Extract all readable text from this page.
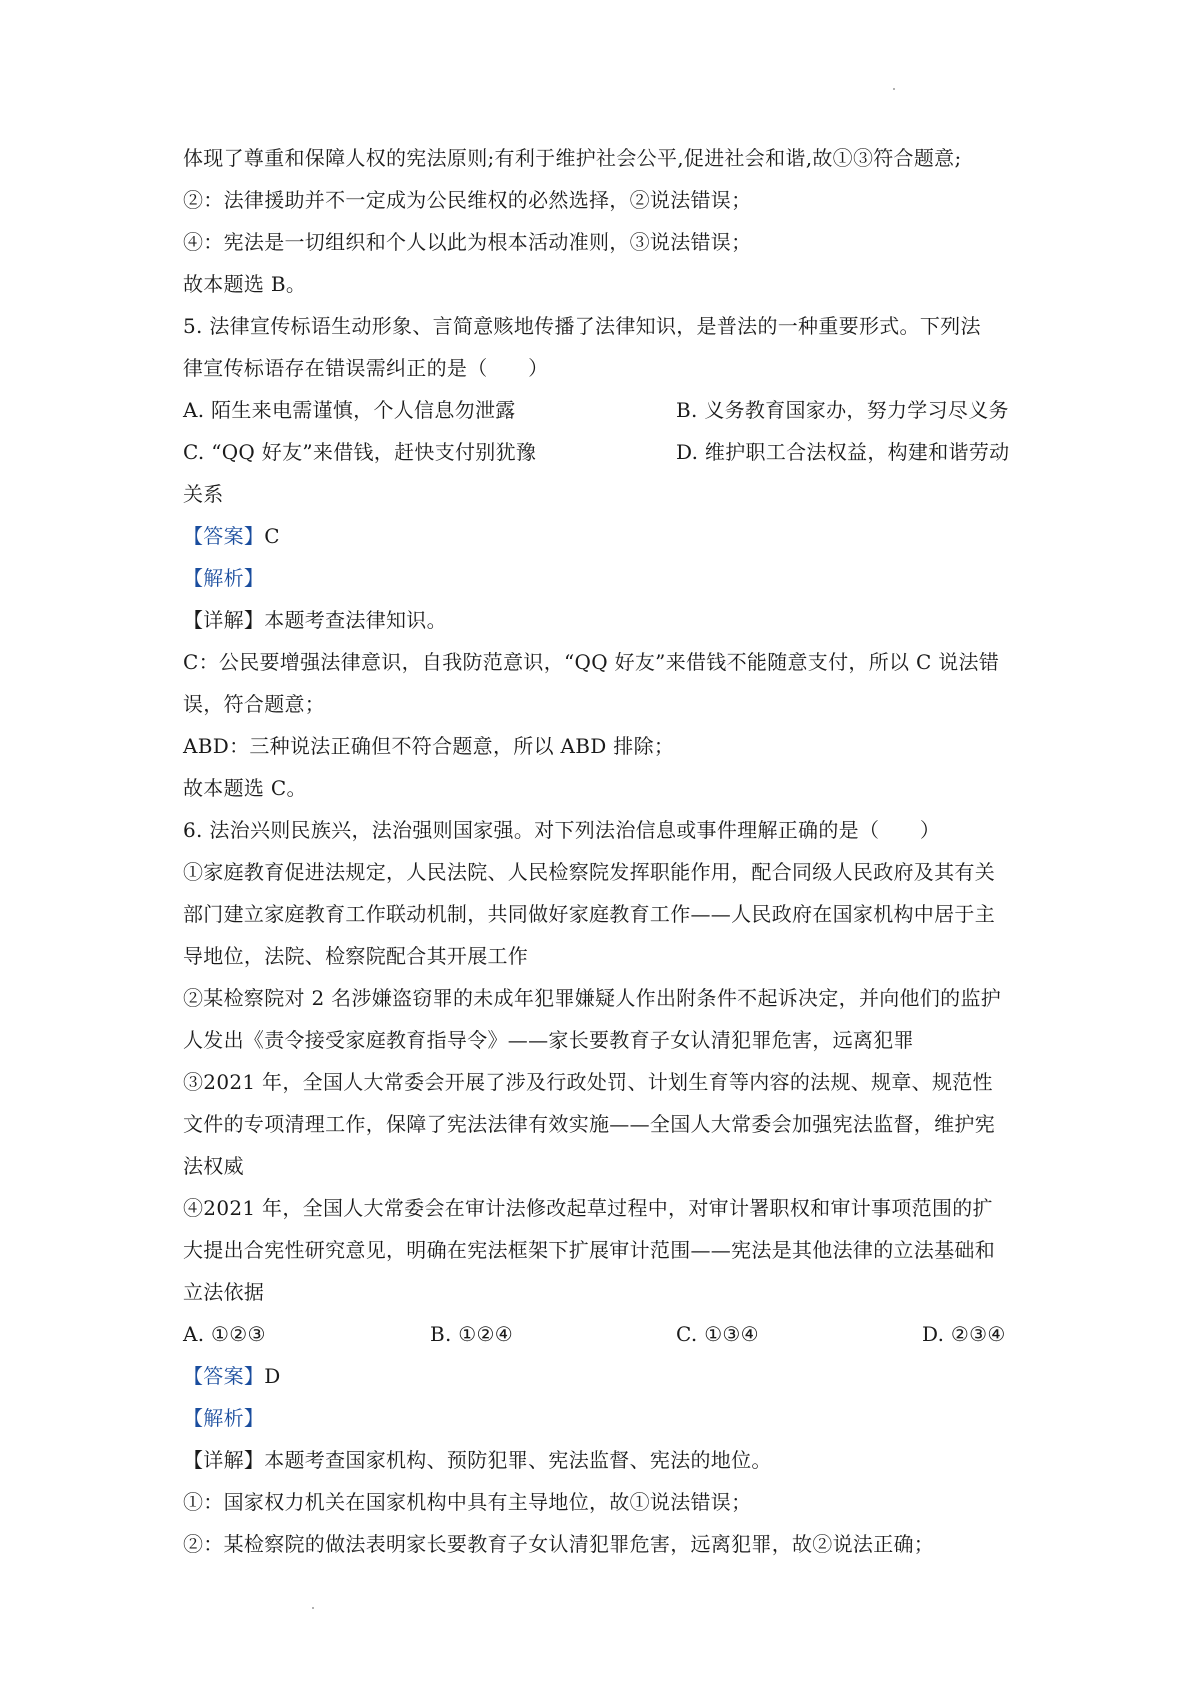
体现了尊重和保障人权的宪法原则;有利于维护社会公平,促进社会和谐,故①③符合题意;
②：法律援助并不一定成为公民维权的必然选择，②说法错误；
④：宪法是一切组织和个人以此为根本活动准则，③说法错误；
故本题选 B。
5. 法律宣传标语生动形象、言简意赅地传播了法律知识，是普法的一种重要形式。下列法
律宣传标语存在错误需纠正的是（　　）
A. 陌生来电需谨慎，个人信息勿泄露	B. 义务教育国家办，努力学习尽义务
C. “QQ 好友”来借钱，赶快支付别犹豫	D. 维护职工合法权益，构建和谐劳动
关系
【答案】C
【解析】
【详解】本题考查法律知识。
C：公民要增强法律意识，自我防范意识，“QQ 好友”来借钱不能随意支付，所以 C 说法错
误，符合题意；
ABD：三种说法正确但不符合题意，所以 ABD 排除；
故本题选 C。
6. 法治兴则民族兴，法治强则国家强。对下列法治信息或事件理解正确的是（　　）
①家庭教育促进法规定，人民法院、人民检察院发挥职能作用，配合同级人民政府及其有关
部门建立家庭教育工作联动机制，共同做好家庭教育工作——人民政府在国家机构中居于主
导地位，法院、检察院配合其开展工作
②某检察院对 2 名涉嫌盗窃罪的未成年犯罪嫌疑人作出附条件不起诉决定，并向他们的监护
人发出《责令接受家庭教育指导令》——家长要教育子女认清犯罪危害，远离犯罪
③2021 年，全国人大常委会开展了涉及行政处罚、计划生育等内容的法规、规章、规范性
文件的专项清理工作，保障了宪法法律有效实施——全国人大常委会加强宪法监督，维护宪
法权威
④2021 年，全国人大常委会在审计法修改起草过程中，对审计署职权和审计事项范围的扩
大提出合宪性研究意见，明确在宪法框架下扩展审计范围——宪法是其他法律的立法基础和
立法依据
A. ①②③	B. ①②④	C. ①③④	D. ②③④
【答案】D
【解析】
【详解】本题考查国家机构、预防犯罪、宪法监督、宪法的地位。
①：国家权力机关在国家机构中具有主导地位，故①说法错误；
②：某检察院的做法表明家长要教育子女认清犯罪危害，远离犯罪，故②说法正确；
